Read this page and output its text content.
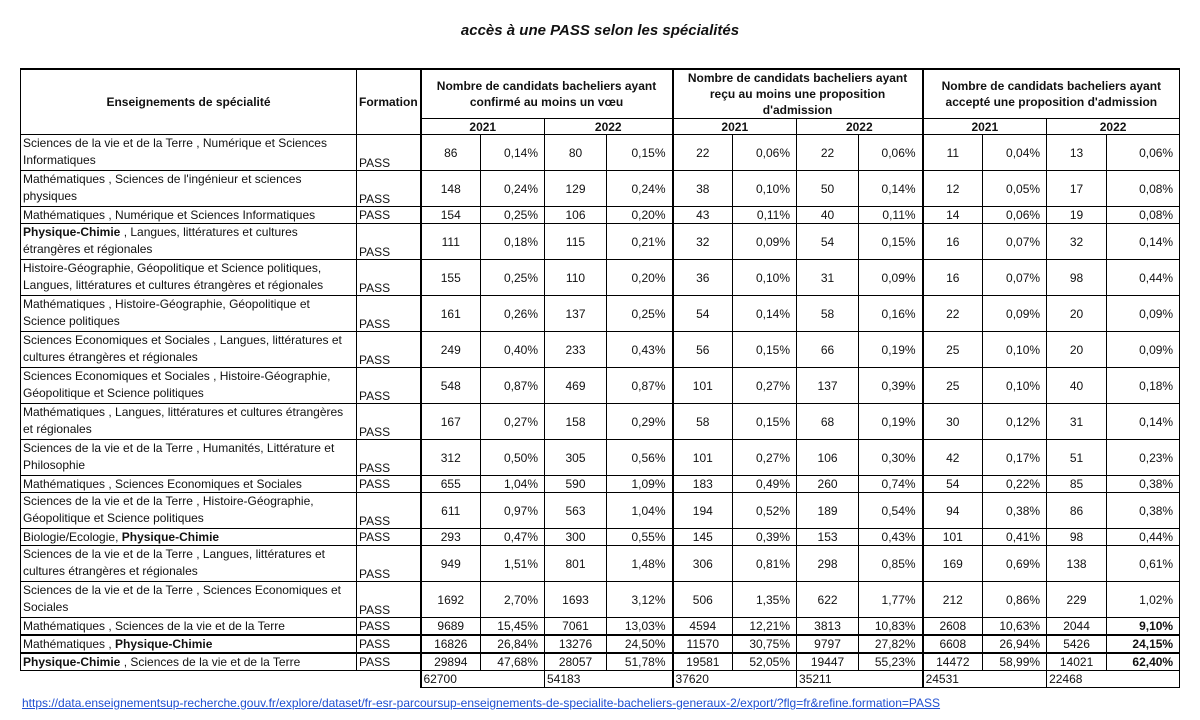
accès à une PASS selon les spécialités
Enseignements de spécialité	Formation	Nombre de candidats bacheliers ayant confirmé au moins un vœu				Nombre de candidats bacheliers ayant reçu au moins une proposition d'admission				Nombre de candidats bacheliers ayant accepté une proposition d'admission			
		2021		2022		2021		2022		2021		2022	
Sciences de la vie et de la Terre , Numérique et Sciences Informatiques	PASS	86	0,14%	80	0,15%	22	0,06%	22	0,06%	11	0,04%	13	0,06%
Mathématiques , Sciences de l'ingénieur et sciences physiques	PASS	148	0,24%	129	0,24%	38	0,10%	50	0,14%	12	0,05%	17	0,08%
Mathématiques , Numérique et Sciences Informatiques	PASS	154	0,25%	106	0,20%	43	0,11%	40	0,11%	14	0,06%	19	0,08%
Physique-Chimie , Langues, littératures et cultures étrangères et régionales	PASS	111	0,18%	115	0,21%	32	0,09%	54	0,15%	16	0,07%	32	0,14%
Histoire-Géographie, Géopolitique et Science politiques, Langues, littératures et cultures étrangères et régionales	PASS	155	0,25%	110	0,20%	36	0,10%	31	0,09%	16	0,07%	98	0,44%
Mathématiques , Histoire-Géographie, Géopolitique et Science politiques	PASS	161	0,26%	137	0,25%	54	0,14%	58	0,16%	22	0,09%	20	0,09%
Sciences Economiques et Sociales , Langues, littératures et cultures étrangères et régionales	PASS	249	0,40%	233	0,43%	56	0,15%	66	0,19%	25	0,10%	20	0,09%
Sciences Economiques et Sociales , Histoire-Géographie, Géopolitique et Science politiques	PASS	548	0,87%	469	0,87%	101	0,27%	137	0,39%	25	0,10%	40	0,18%
Mathématiques , Langues, littératures et cultures étrangères et régionales	PASS	167	0,27%	158	0,29%	58	0,15%	68	0,19%	30	0,12%	31	0,14%
Sciences de la vie et de la Terre , Humanités, Littérature et Philosophie	PASS	312	0,50%	305	0,56%	101	0,27%	106	0,30%	42	0,17%	51	0,23%
Mathématiques , Sciences Economiques et Sociales	PASS	655	1,04%	590	1,09%	183	0,49%	260	0,74%	54	0,22%	85	0,38%
Sciences de la vie et de la Terre , Histoire-Géographie, Géopolitique et Science politiques	PASS	611	0,97%	563	1,04%	194	0,52%	189	0,54%	94	0,38%	86	0,38%
Biologie/Ecologie, Physique-Chimie	PASS	293	0,47%	300	0,55%	145	0,39%	153	0,43%	101	0,41%	98	0,44%
Sciences de la vie et de la Terre , Langues, littératures et cultures étrangères et régionales	PASS	949	1,51%	801	1,48%	306	0,81%	298	0,85%	169	0,69%	138	0,61%
Sciences de la vie et de la Terre , Sciences Economiques et Sociales	PASS	1692	2,70%	1693	3,12%	506	1,35%	622	1,77%	212	0,86%	229	1,02%
Mathématiques , Sciences de la vie et de la Terre	PASS	9689	15,45%	7061	13,03%	4594	12,21%	3813	10,83%	2608	10,63%	2044	9,10%
Mathématiques , Physique-Chimie	PASS	16826	26,84%	13276	24,50%	11570	30,75%	9797	27,82%	6608	26,94%	5426	24,15%
Physique-Chimie , Sciences de la vie et de la Terre	PASS	29894	47,68%	28057	51,78%	19581	52,05%	19447	55,23%	14472	58,99%	14021	62,40%
		62700		54183		37620		35211		24531		22468	
https://data.enseignementsup-recherche.gouv.fr/explore/dataset/fr-esr-parcoursup-enseignements-de-specialite-bacheliers-generaux-2/export/?flg=fr&refine.formation=PASS
